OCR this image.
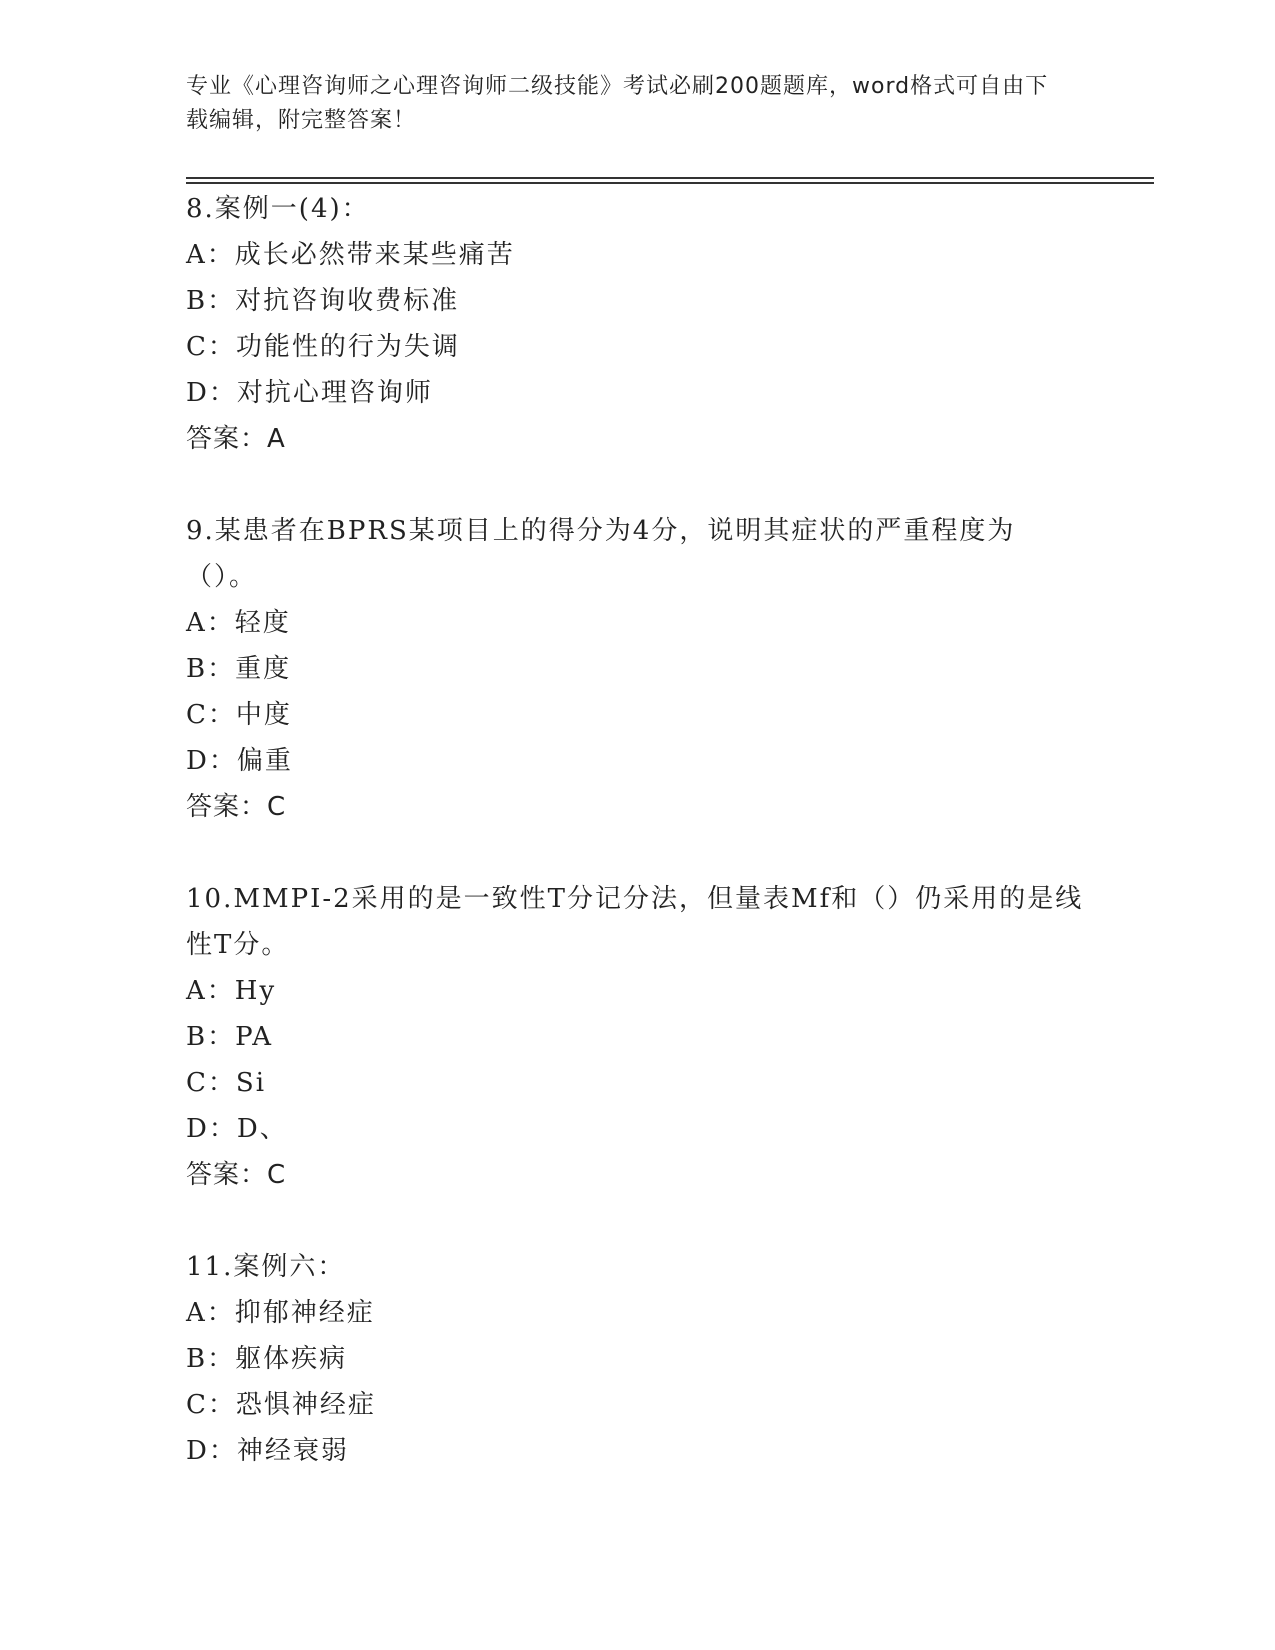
专业《心理咨询师之心理咨询师二级技能》考试必刷200题题库，word格式可自由下载编辑，附完整答案！
8.案例一(4)：
A：成长必然带来某些痛苦
B：对抗咨询收费标准
C：功能性的行为失调
D：对抗心理咨询师
答案：A
9.某患者在BPRS某项目上的得分为4分，说明其症状的严重程度为（）。
A：轻度
B：重度
C：中度
D：偏重
答案：C
10.MMPI-2采用的是一致性T分记分法，但量表Mf和（）仍采用的是线性T分。
A：Hy
B：PA
C：Si
D：D、
答案：C
11.案例六：
A：抑郁神经症
B：躯体疾病
C：恐惧神经症
D：神经衰弱
